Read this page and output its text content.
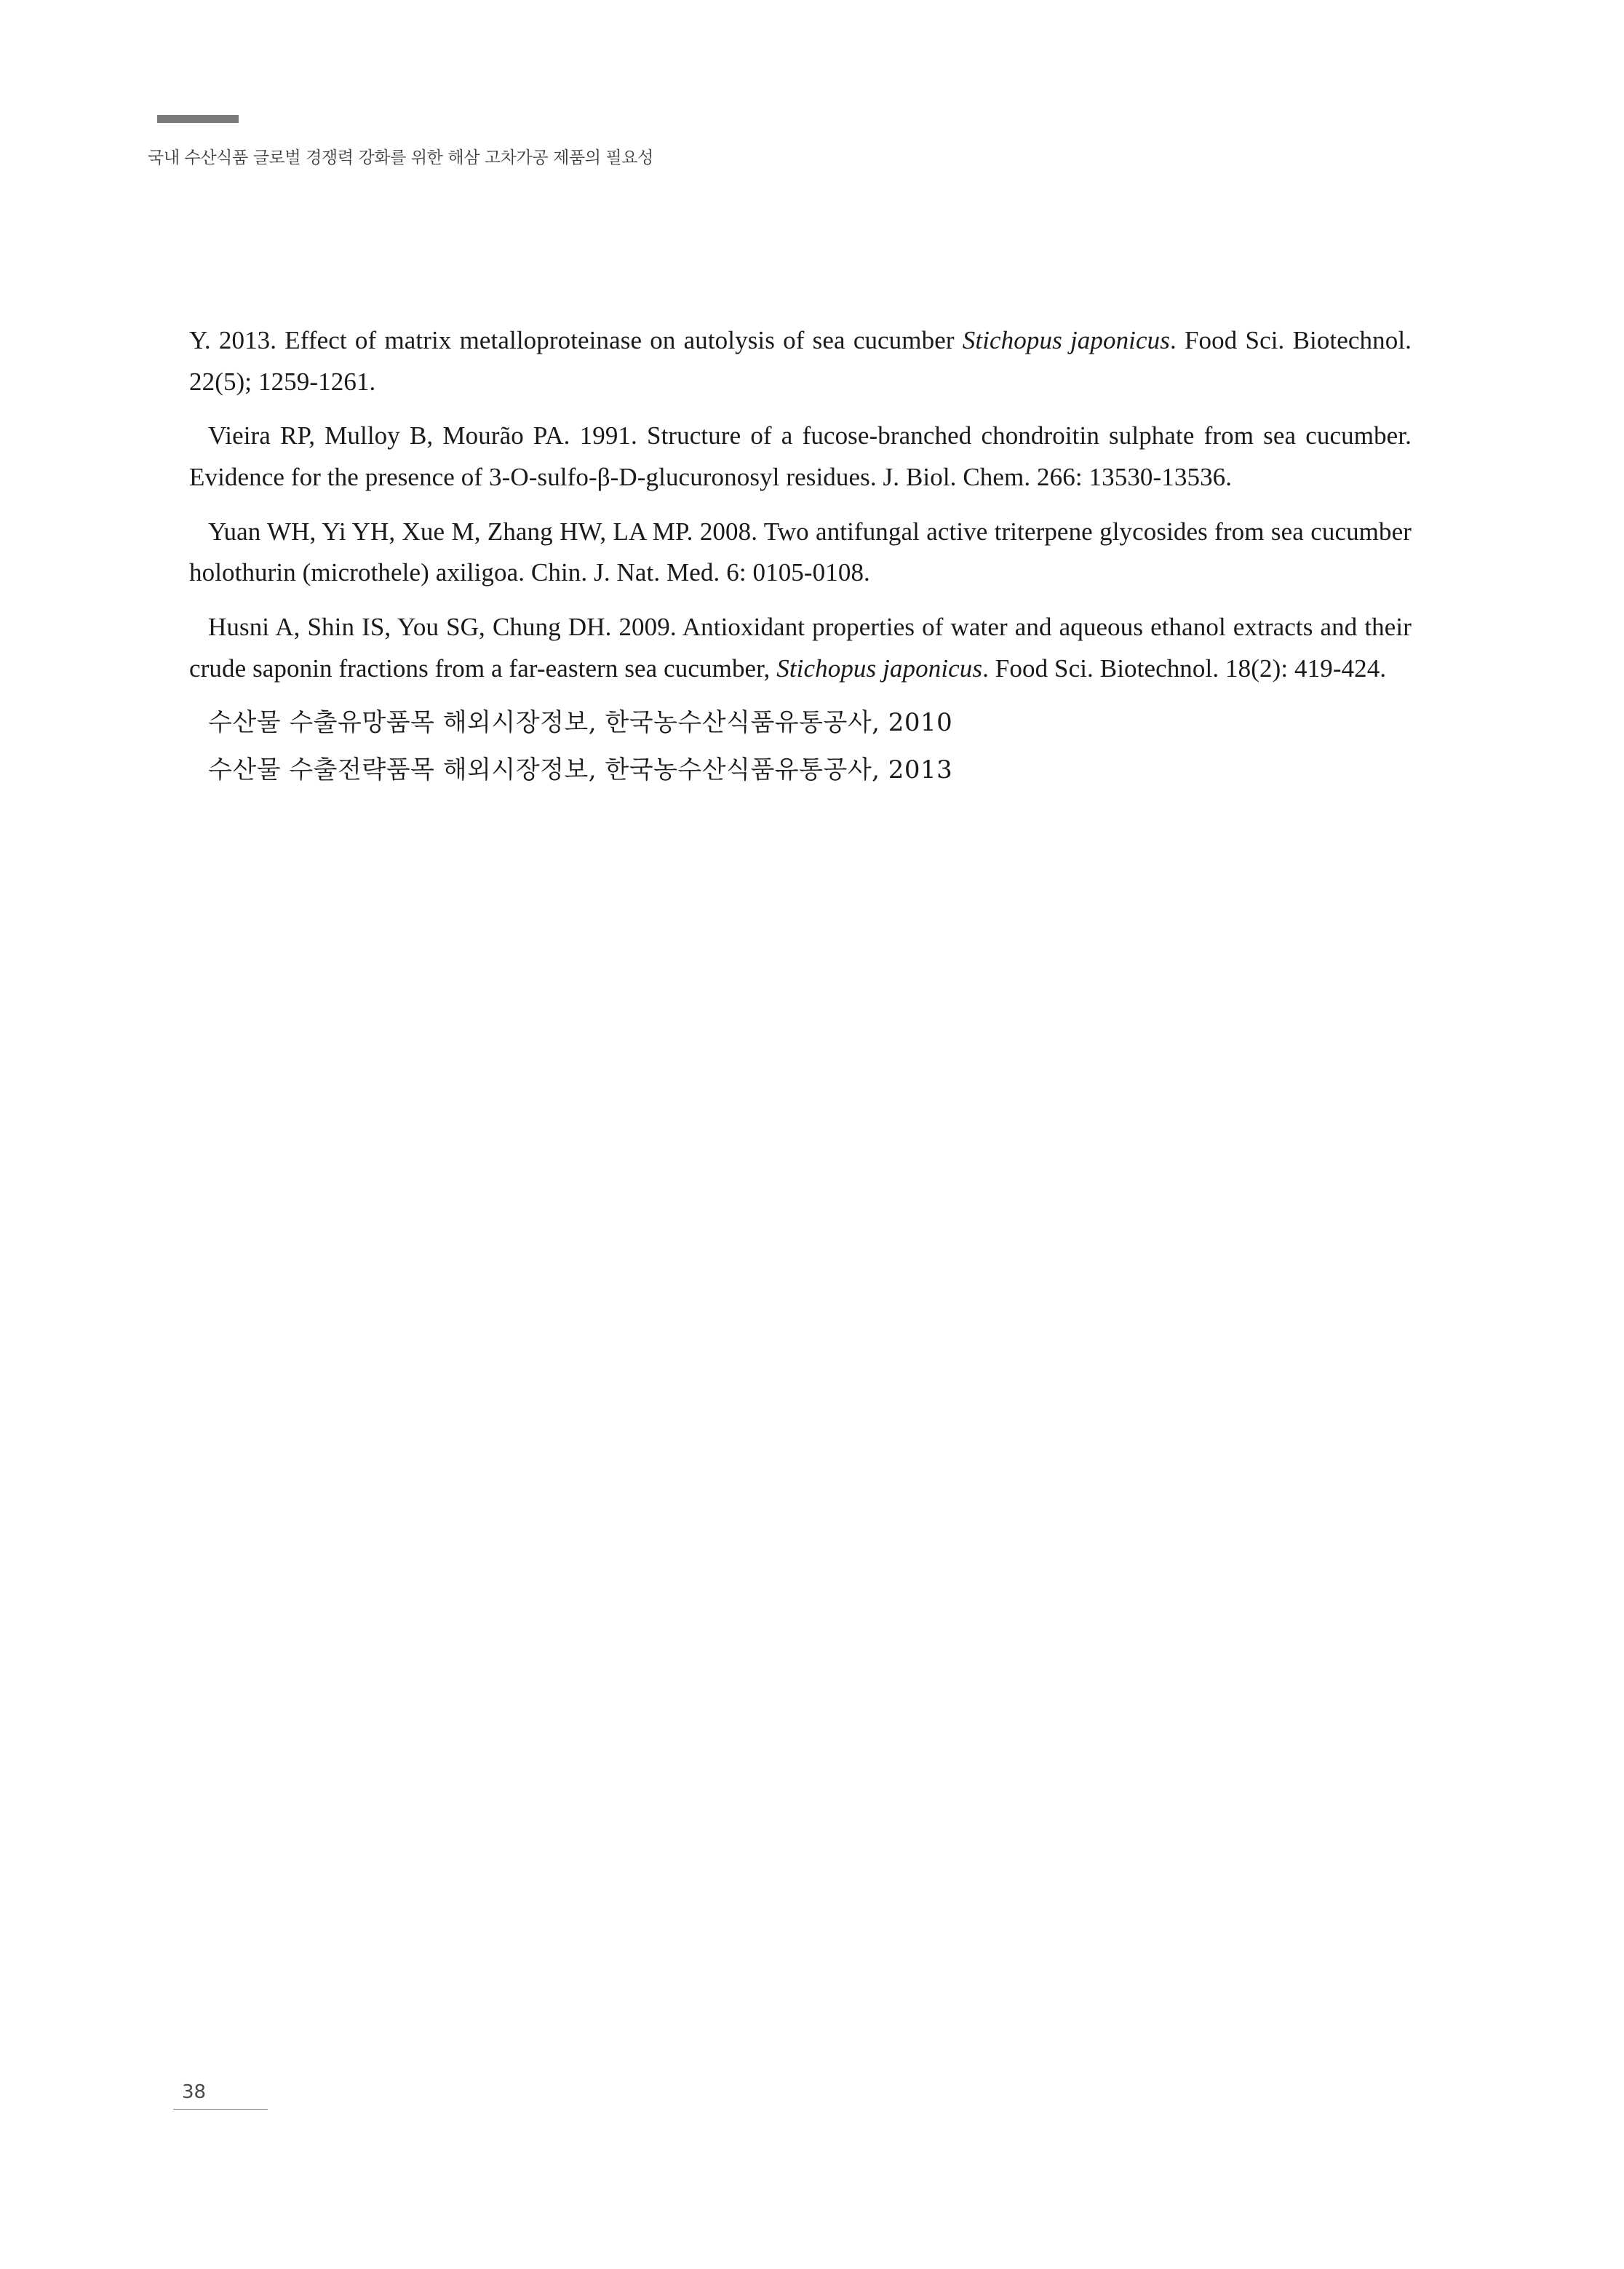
국내 수산식품 글로벌 경쟁력 강화를 위한 해삼 고차가공 제품의 필요성

Y. 2013. Effect of matrix metalloproteinase on autolysis of sea cucumber Stichopus japonicus. Food Sci. Biotechnol. 22(5); 1259-1261.

Vieira RP, Mulloy B, Mourão PA. 1991. Structure of a fucose-branched chondroitin sulphate from sea cucumber. Evidence for the presence of 3-O-sulfo-β-D-glucuronosyl residues. J. Biol. Chem. 266: 13530-13536.

Yuan WH, Yi YH, Xue M, Zhang HW, LA MP. 2008. Two antifungal active triterpene glycosides from sea cucumber holothurin (microthele) axiligoa. Chin. J. Nat. Med. 6: 0105-0108.

Husni A, Shin IS, You SG, Chung DH. 2009. Antioxidant properties of water and aqueous ethanol extracts and their crude saponin fractions from a far-eastern sea cucumber, Stichopus japonicus. Food Sci. Biotechnol. 18(2): 419-424.

수산물 수출유망품목 해외시장정보, 한국농수산식품유통공사, 2010

수산물 수출전략품목 해외시장정보, 한국농수산식품유통공사, 2013

38
